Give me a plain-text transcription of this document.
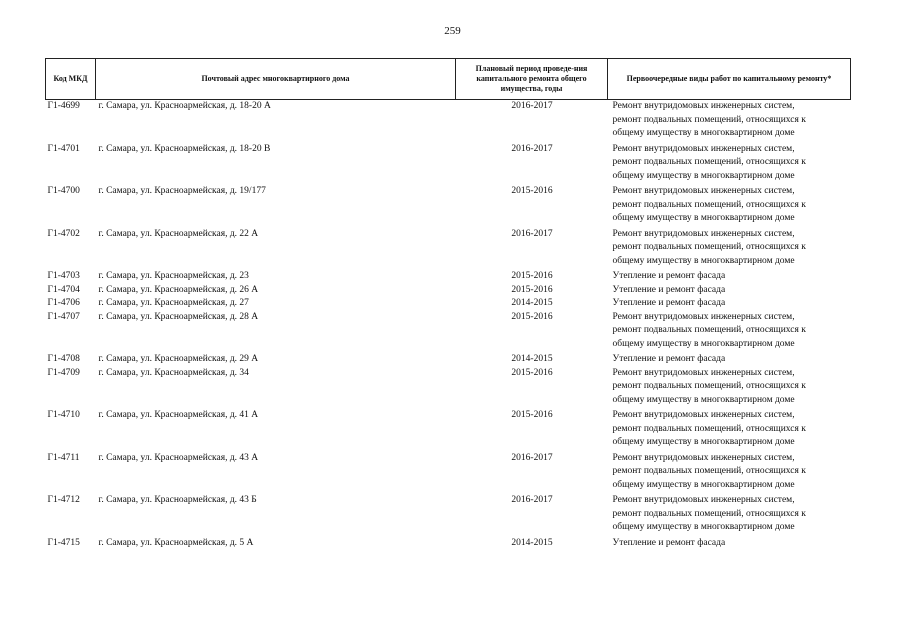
259
Код МКД	Почтовый адрес многоквартирного дома	Плановый период проведе-ния капитального ремонта общего имущества, годы	Первоочередные виды работ по капитальному ремонту*
Г1-4699	г. Самара, ул. Красноармейская, д. 18-20 А	2016-2017	Ремонт внутридомовых инженерных систем,
ремонт подвальных помещений, относящихся к
общему имуществу в многоквартирном доме

Г1-4701	г. Самара, ул. Красноармейская, д. 18-20 В	2016-2017	Ремонт внутридомовых инженерных систем,
ремонт подвальных помещений, относящихся к
общему имуществу в многоквартирном доме

Г1-4700	г. Самара, ул. Красноармейская, д. 19/177	2015-2016	Ремонт внутридомовых инженерных систем,
ремонт подвальных помещений, относящихся к
общему имуществу в многоквартирном доме

Г1-4702	г. Самара, ул. Красноармейская, д. 22 А	2016-2017	Ремонт внутридомовых инженерных систем,
ремонт подвальных помещений, относящихся к
общему имуществу в многоквартирном доме

Г1-4703	г. Самара, ул. Красноармейская, д. 23	2015-2016	Утепление и ремонт фасада

Г1-4704	г. Самара, ул. Красноармейская, д. 26 А	2015-2016	Утепление и ремонт фасада

Г1-4706	г. Самара, ул. Красноармейская, д. 27	2014-2015	Утепление и ремонт фасада

Г1-4707	г. Самара, ул. Красноармейская, д. 28 А	2015-2016	Ремонт внутридомовых инженерных систем,
ремонт подвальных помещений, относящихся к
общему имуществу в многоквартирном доме

Г1-4708	г. Самара, ул. Красноармейская, д. 29 А	2014-2015	Утепление и ремонт фасада

Г1-4709	г. Самара, ул. Красноармейская, д. 34	2015-2016	Ремонт внутридомовых инженерных систем,
ремонт подвальных помещений, относящихся к
общему имуществу в многоквартирном доме

Г1-4710	г. Самара, ул. Красноармейская, д. 41 А	2015-2016	Ремонт внутридомовых инженерных систем,
ремонт подвальных помещений, относящихся к
общему имуществу в многоквартирном доме

Г1-4711	г. Самара, ул. Красноармейская, д. 43 А	2016-2017	Ремонт внутридомовых инженерных систем,
ремонт подвальных помещений, относящихся к
общему имуществу в многоквартирном доме

Г1-4712	г. Самара, ул. Красноармейская, д. 43 Б	2016-2017	Ремонт внутридомовых инженерных систем,
ремонт подвальных помещений, относящихся к
общему имуществу в многоквартирном доме

Г1-4715	г. Самара, ул. Красноармейская, д. 5 А	2014-2015	Утепление и ремонт фасада
